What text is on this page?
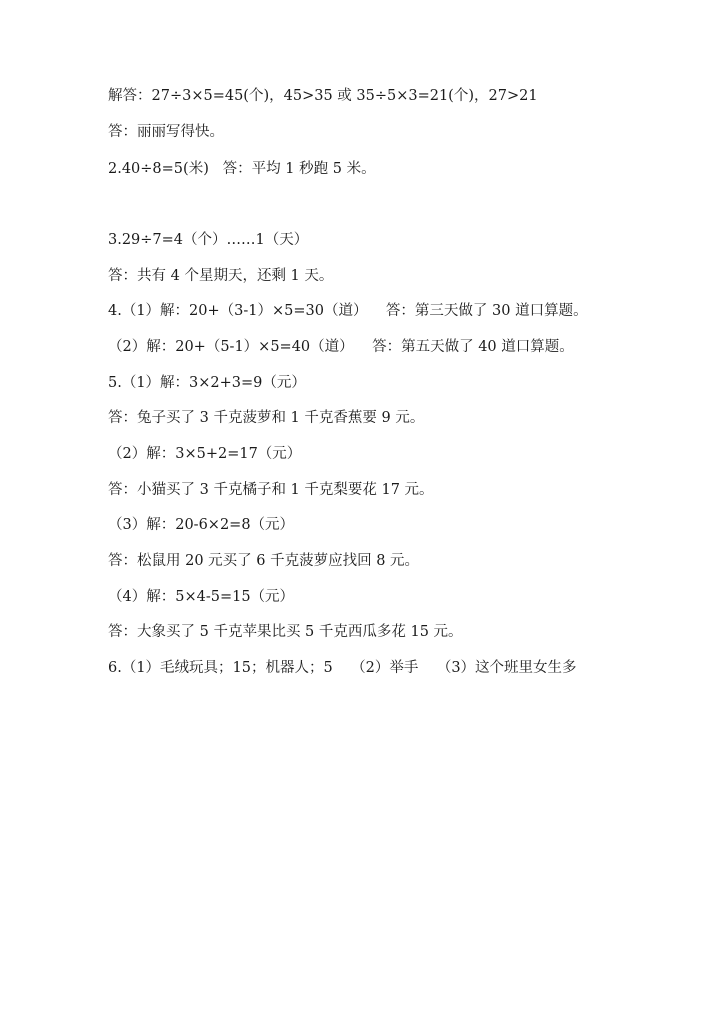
解答：27÷3×5=45(个)，45>35 或 35÷5×3=21(个)，27>21
答：丽丽写得快。
2.40÷8=5(米)   答：平均 1 秒跑 5 米。
3.29÷7=4（个）……1（天）
答：共有 4 个星期天，还剩 1 天。
4.（1）解：20+（3-1）×5=30（道）    答：第三天做了 30 道口算题。
（2）解：20+（5-1）×5=40（道）    答：第五天做了 40 道口算题。
5.（1）解：3×2+3=9（元）
答：兔子买了 3 千克菠萝和 1 千克香蕉要 9 元。
（2）解：3×5+2=17（元）
答：小猫买了 3 千克橘子和 1 千克梨要花 17 元。
（3）解：20-6×2=8（元）
答：松鼠用 20 元买了 6 千克菠萝应找回 8 元。
（4）解：5×4-5=15（元）
答：大象买了 5 千克苹果比买 5 千克西瓜多花 15 元。
6.（1）毛绒玩具；15；机器人；5    （2）举手    （3）这个班里女生多
